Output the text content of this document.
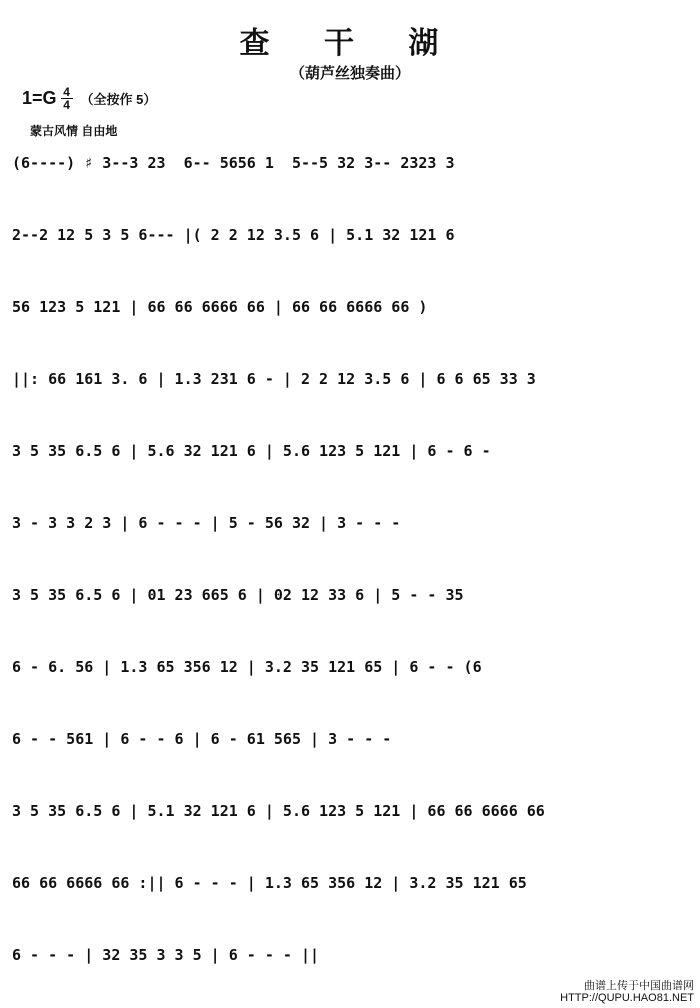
查 干 湖
（葫芦丝独奏曲）
$1=G \frac{4}{4}$ （全按作 5）
蒙古风情 自由地
(6----) ♯ 3--3 23  6-- 5656 1  5--5 32 3-- 2323 3
2--2 12 5 3 5 6--- |( 2 2 12 3.5 6 | 5.1 32 121 6
56 123 5 121 | 66 66 6666 66 | 66 66 6666 66 )
||: 66 161 3. 6 | 1.3 231 6 - | 2 2 12 3.5 6 | 6 6 65 33 3
3 5 35 6.5 6 | 5.6 32 121 6 | 5.6 123 5 121 | 6 - 6 -
3 - 3 3 2 3 | 6 - - - | 5 - 56 32 | 3 - - -
3 5 35 6.5 6 | 01 23 665 6 | 02 12 33 6 | 5 - - 35
6 - 6. 56 | 1.3 65 356 12 | 3.2 35 121 65 | 6 - - (6
6 - - 561 | 6 - - 6 | 6 - 61 565 | 3 - - -
3 5 35 6.5 6 | 5.1 32 121 6 | 5.6 123 5 121 | 66 66 6666 66
66 66 6666 66 :|| 6 - - - | 1.3 65 356 12 | 3.2 35 121 65
6 - - - | 32 35 3 3 5 | 6 - - - ||
曲谱上传于中国曲谱网
HTTP://QUPU.HAO81.NET
